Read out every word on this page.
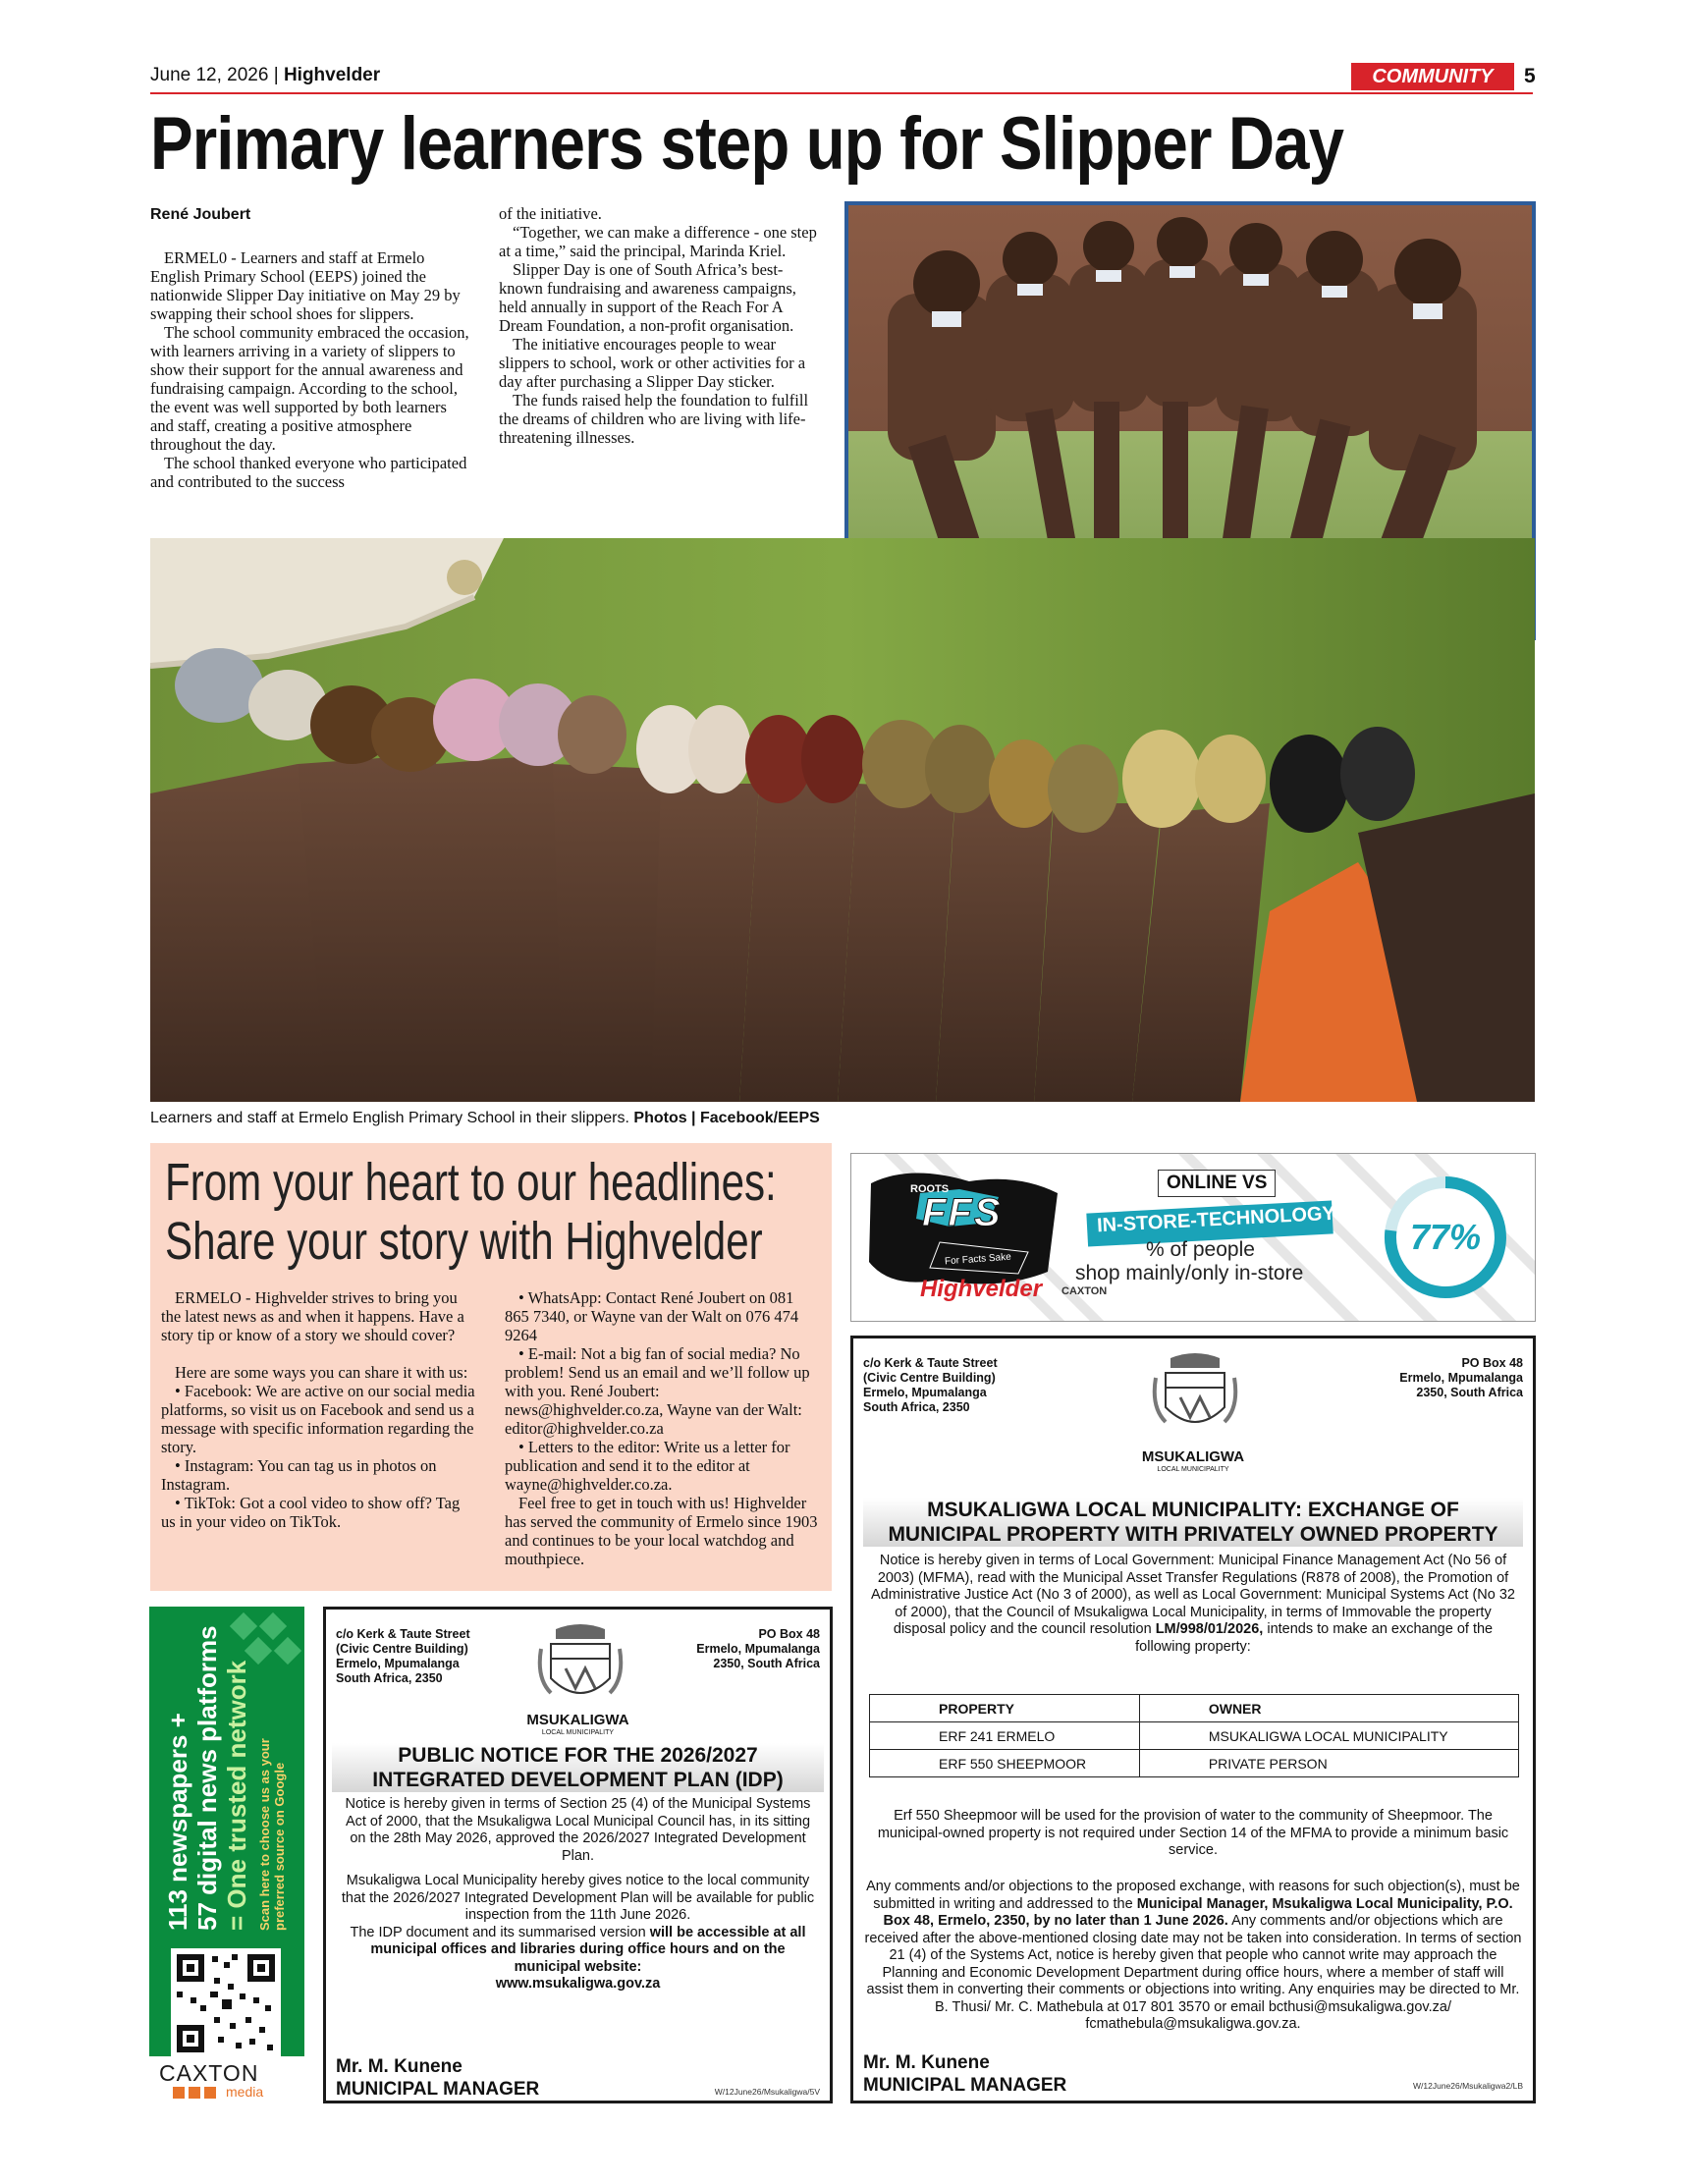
June 12, 2026 | Highvelder	COMMUNITY	5
Primary learners step up for Slipper Day
René Joubert

ERMEL0 - Learners and staff at Ermelo English Primary School (EEPS) joined the nationwide Slipper Day initiative on May 29 by swapping their school shoes for slippers.

The school community embraced the occasion, with learners arriving in a variety of slippers to show their support for the annual awareness and fundraising campaign. According to the school, the event was well supported by both learners and staff, creating a positive atmosphere throughout the day.

The school thanked everyone who participated and contributed to the success

of the initiative.

“Together, we can make a difference - one step at a time,” said the principal, Marinda Kriel.

Slipper Day is one of South Africa’s best-known fundraising and awareness campaigns, held annually in support of the Reach For A Dream Foundation, a non-profit organisation.

The initiative encourages people to wear slippers to school, work or other activities for a day after purchasing a Slipper Day sticker.

The funds raised help the foundation to fulfill the dreams of children who are living with life-threatening illnesses.

Learners and staff at Ermelo English Primary School in their slippers. Photos | Facebook/EEPS
From your heart to our headlines:
Share your story with Highvelder

ERMELO - Highvelder strives to bring you the latest news as and when it happens. Have a story tip or know of a story we should cover?

Here are some ways you can share it with us:

• Facebook: We are active on our social media platforms, so visit us on Facebook and send us a message with specific information regarding the story.

• Instagram: You can tag us in photos on Instagram.

• TikTok: Got a cool video to show off? Tag us in your video on TikTok.

• WhatsApp: Contact René Joubert on 081 865 7340, or Wayne van der Walt on 076 474 9264

• E-mail: Not a big fan of social media? No problem! Send us an email and we’ll follow up with you. René Joubert: news@highvelder.co.za, Wayne van der Walt: editor@highvelder.co.za

• Letters to the editor: Write us a letter for publication and send it to the editor at wayne@highvelder.co.za.

Feel free to get in touch with us! Highvelder has served the community of Ermelo since 1903 and continues to be your local watchdog and mouthpiece.

ROOTS
FFS
For Facts Sake
Highvelder CAXTON
ONLINE VS
IN-STORE-TECHNOLOGY
% of people
shop mainly/only in-store
77%
c/o Kerk & Taute Street
(Civic Centre Building)
Ermelo, Mpumalanga
South Africa, 2350
PO Box 48
Ermelo, Mpumalanga
2350, South Africa
MSUKALIGWA
LOCAL MUNICIPALITY
MSUKALIGWA LOCAL MUNICIPALITY: EXCHANGE OF
MUNICIPAL PROPERTY WITH PRIVATELY OWNED PROPERTY
Notice is hereby given in terms of Local Government: Municipal Finance Management Act (No 56 of 2003) (MFMA), read with the Municipal Asset Transfer Regulations (R878 of 2008), the Promotion of Administrative Justice Act (No 3 of 2000), as well as Local Government: Municipal Systems Act (No 32 of 2000), that the Council of Msukaligwa Local Municipality, in terms of Immovable the property disposal policy and the council resolution LM/998/01/2026, intends to make an exchange of the following property:
PROPERTY	OWNER
ERF 241 ERMELO	MSUKALIGWA LOCAL MUNICIPALITY
ERF 550 SHEEPMOOR	PRIVATE PERSON
Erf 550 Sheepmoor will be used for the provision of water to the community of Sheepmoor. The municipal-owned property is not required under Section 14 of the MFMA to provide a minimum basic service.
Any comments and/or objections to the proposed exchange, with reasons for such objection(s), must be submitted in writing and addressed to the Municipal Manager, Msukaligwa Local Municipality, P.O. Box 48, Ermelo, 2350, by no later than 1 June 2026. Any comments and/or objections which are received after the above-mentioned closing date may not be taken into consideration. In terms of section 21 (4) of the Systems Act, notice is hereby given that people who cannot write may approach the Planning and Economic Development Department during office hours, where a member of staff will assist them in converting their comments or objections into writing. Any enquiries may be directed to Mr. B. Thusi/ Mr. C. Mathebula at 017 801 3570 or email bcthusi@msukaligwa.gov.za/ fcmathebula@msukaligwa.gov.za.
Mr. M. Kunene
MUNICIPAL MANAGER	W/12June26/Msukaligwa2/LB
113 newspapers + 57 digital news platforms = One trusted network Scan here to choose us as your preferred source on Google
CAXTON

media
c/o Kerk & Taute Street
(Civic Centre Building)
Ermelo, Mpumalanga
South Africa, 2350
PO Box 48
Ermelo, Mpumalanga
2350, South Africa
MSUKALIGWA
LOCAL MUNICIPALITY
PUBLIC NOTICE FOR THE 2026/2027
INTEGRATED DEVELOPMENT PLAN (IDP)
Notice is hereby given in terms of Section 25 (4) of the Municipal Systems Act of 2000, that the Msukaligwa Local Municipal Council has, in its sitting on the 28th May 2026, approved the 2026/2027 Integrated Development Plan.
Msukaligwa Local Municipality hereby gives notice to the local community that the 2026/2027 Integrated Development Plan will be available for public inspection from the 11th June 2026.
The IDP document and its summarised version will be accessible at all municipal offices and libraries during office hours and on the municipal website:
www.msukaligwa.gov.za
Mr. M. Kunene
MUNICIPAL MANAGER	W/12June26/Msukaligwa/5V
